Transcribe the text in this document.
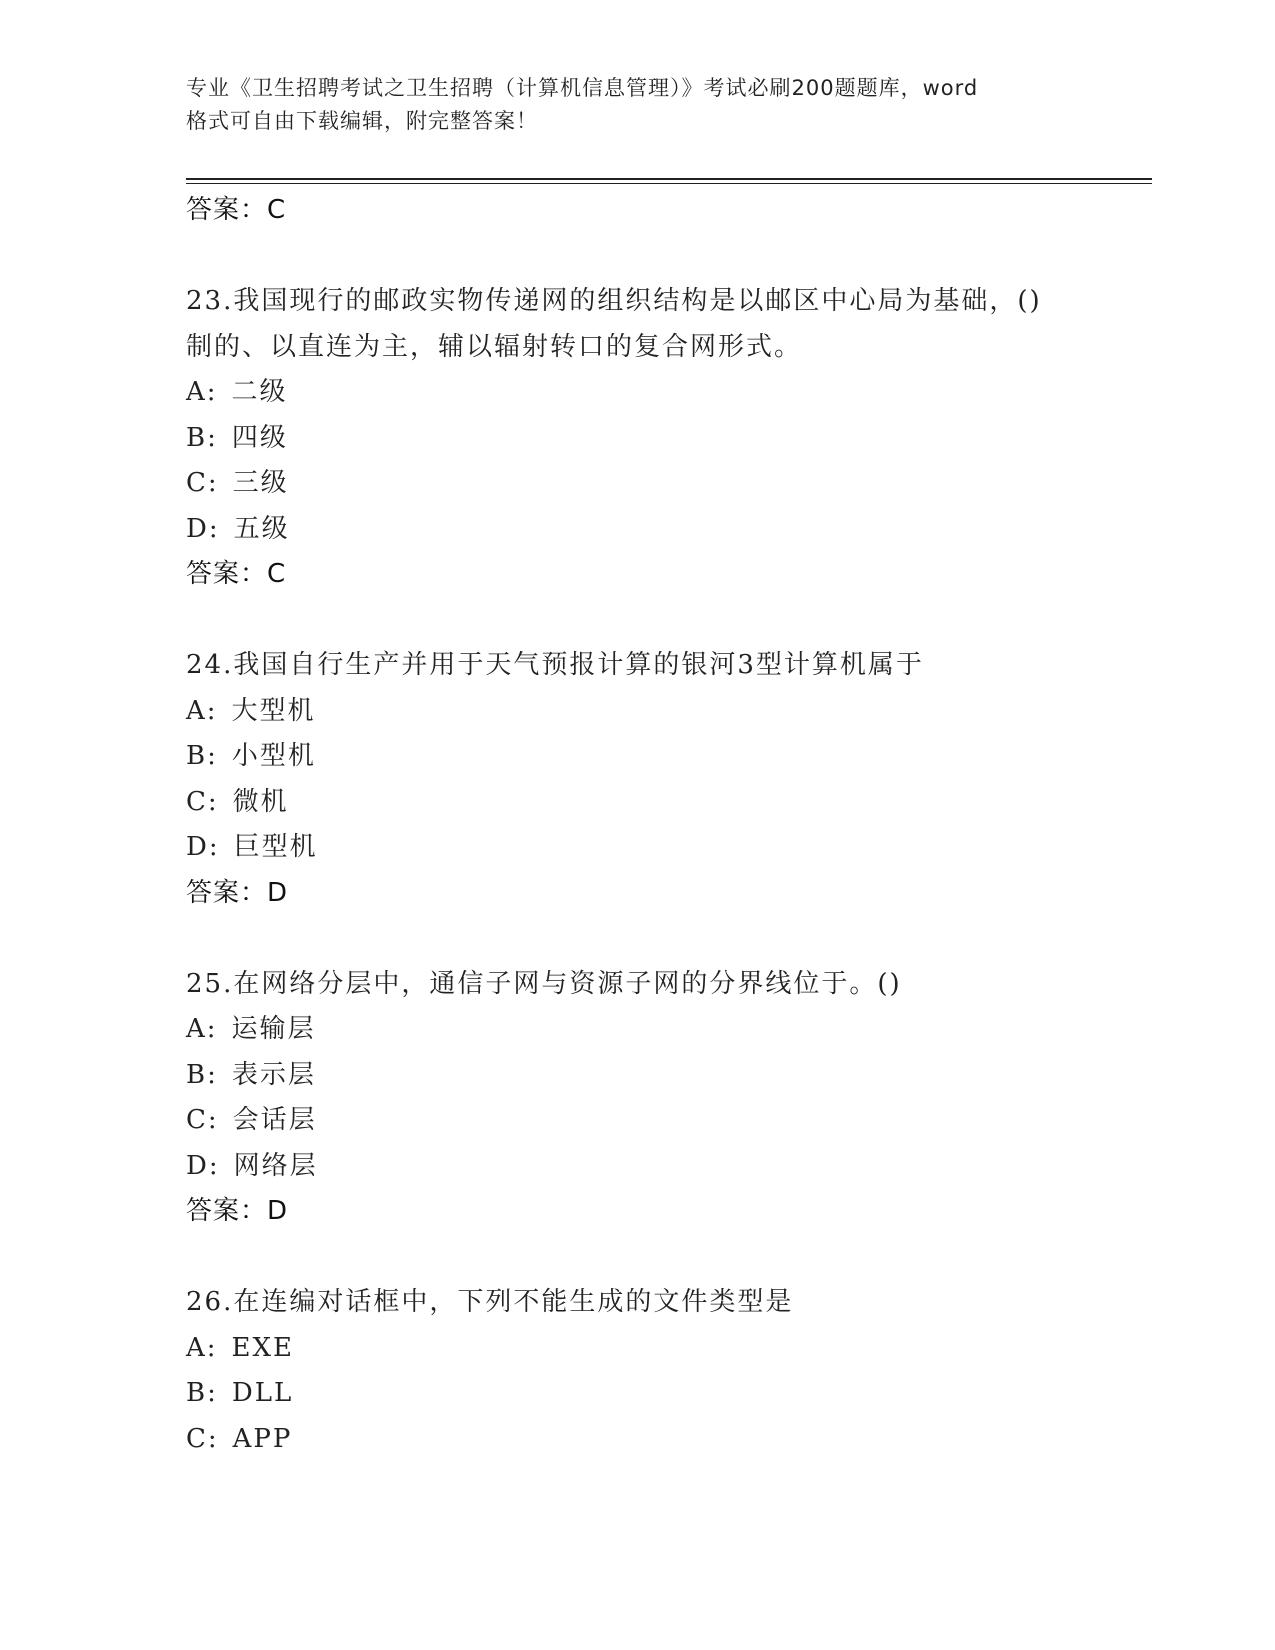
专业《卫生招聘考试之卫生招聘（计算机信息管理）》考试必刷200题题库，word
格式可自由下载编辑，附完整答案！
答案：C
23.我国现行的邮政实物传递网的组织结构是以邮区中心局为基础，()
制的、以直连为主，辅以辐射转口的复合网形式。
A: 二级
B: 四级
C: 三级
D: 五级
答案：C
24.我国自行生产并用于天气预报计算的银河3型计算机属于
A: 大型机
B: 小型机
C: 微机
D: 巨型机
答案：D
25.在网络分层中，通信子网与资源子网的分界线位于。()
A: 运输层
B: 表示层
C: 会话层
D: 网络层
答案：D
26.在连编对话框中，下列不能生成的文件类型是
A: EXE
B: DLL
C: APP
